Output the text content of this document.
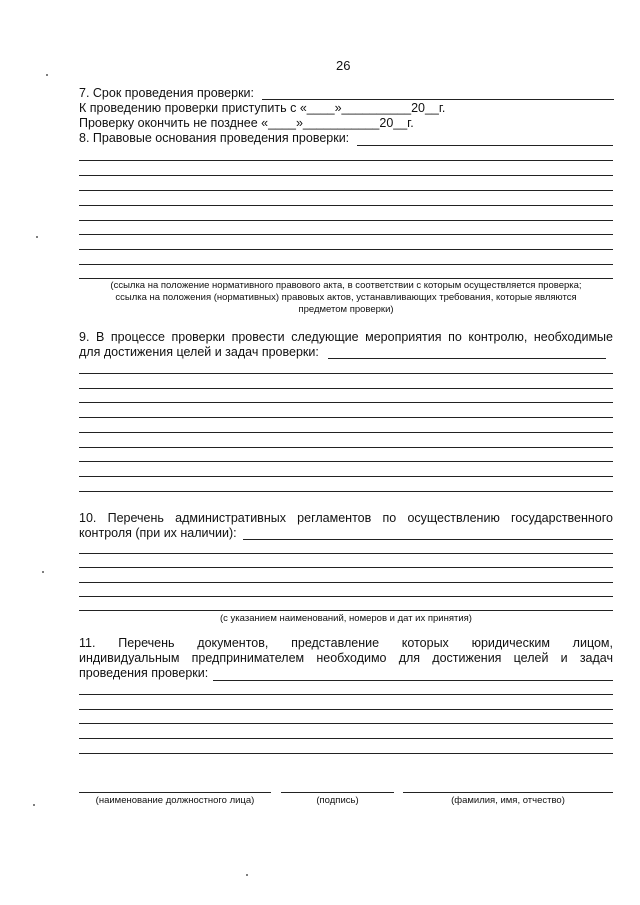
26
7. Срок проведения проверки:
К проведению проверки приступить с «____»__________20__г.
Проверку окончить не позднее «____»___________20__г.
8. Правовые основания проведения проверки:
(ссылка на положение нормативного правового акта, в соответствии с которым осуществляется проверка;
ссылка на положения (нормативных) правовых актов, устанавливающих требования, которые являются
предметом проверки)
9. В процессе проверки провести следующие мероприятия по контролю, необходимые
для достижения целей и задач проверки:
10. Перечень административных регламентов по осуществлению государственного
контроля (при их наличии):
(с указанием наименований, номеров и дат их принятия)
11. Перечень документов, представление которых юридическим лицом,
индивидуальным предпринимателем необходимо для достижения целей и задач
проведения проверки:
(наименование должностного лица)	(подпись)	(фамилия, имя, отчество)
